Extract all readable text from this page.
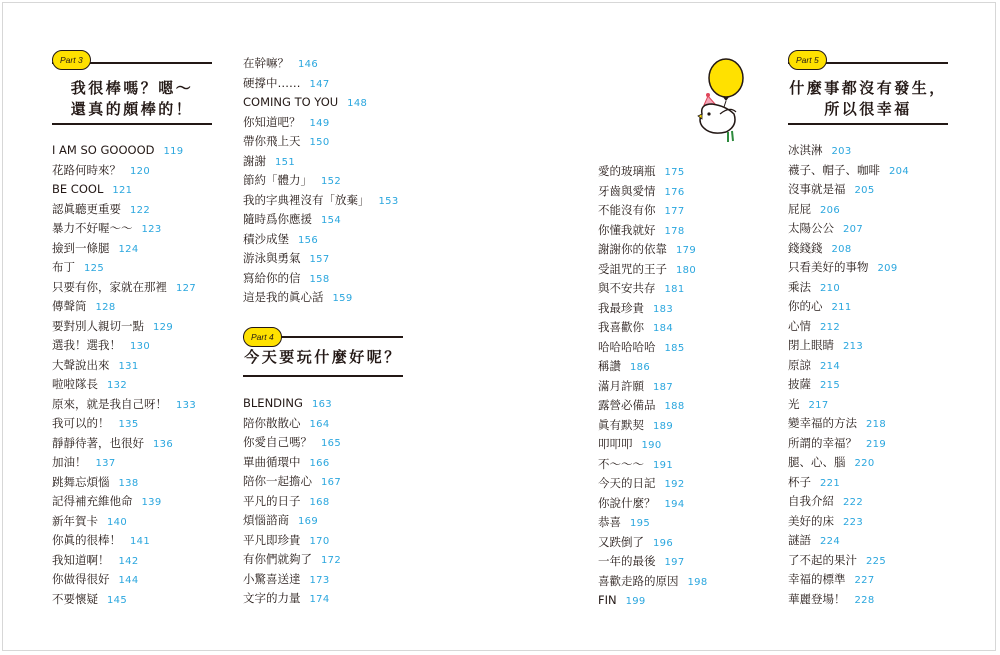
Part 3
我很棒嗎？嗯～
還真的頗棒的！
I AM SO GOOOOD 119
花路何時來？ 120
BE COOL 121
認眞聽更重要 122
暴力不好喔～～ 123
撿到一條腿 124
布丁 125
只要有你，家就在那裡 127
傳聲筒 128
要對別人親切一點 129
選我！選我！ 130
大聲說出來 131
啦啦隊長 132
原來，就是我自己呀！ 133
我可以的！ 135
靜靜待著，也很好 136
加油！ 137
跳舞忘煩惱 138
記得補充維他命 139
新年賀卡 140
你眞的很棒！ 141
我知道啊！ 142
你做得很好 144
不要懷疑 145
在幹嘛？ 146
硬撐中…… 147
COMING TO YOU 148
你知道吧？ 149
帶你飛上天 150
謝謝 151
節約「體力」 152
我的字典裡沒有「放棄」 153
隨時爲你應援 154
積沙成堡 156
游泳與勇氣 157
寫給你的信 158
這是我的眞心話 159
Part 4
今天要玩什麼好呢？
BLENDING 163
陪你散散心 164
你愛自己嗎？ 165
單曲循環中 166
陪你一起擔心 167
平凡的日子 168
煩惱諮商 169
平凡即珍貴 170
有你們就夠了 172
小驚喜送達 173
文字的力量 174
愛的玻璃瓶 175
牙齒與愛情 176
不能沒有你 177
你懂我就好 178
謝謝你的依靠 179
受詛咒的王子 180
與不安共存 181
我最珍貴 183
我喜歡你 184
哈哈哈哈哈 185
稱讚 186
滿月許願 187
露營必備品 188
眞有默契 189
叩叩叩 190
不～～～ 191
今天的日記 192
你說什麼？ 194
恭喜 195
又跌倒了 196
一年的最後 197
喜歡走路的原因 198
FIN 199
Part 5
什麼事都沒有發生，
所以很幸福
冰淇淋 203
襪子、帽子、咖啡 204
沒事就是福 205
屁屁 206
太陽公公 207
錢錢錢 208
只看美好的事物 209
乘法 210
你的心 211
心情 212
閉上眼睛 213
原諒 214
披薩 215
光 217
變幸福的方法 218
所謂的幸福？ 219
腿、心、腦 220
杯子 221
自我介紹 222
美好的床 223
謎語 224
了不起的果汁 225
幸福的標準 227
華麗登場！ 228
